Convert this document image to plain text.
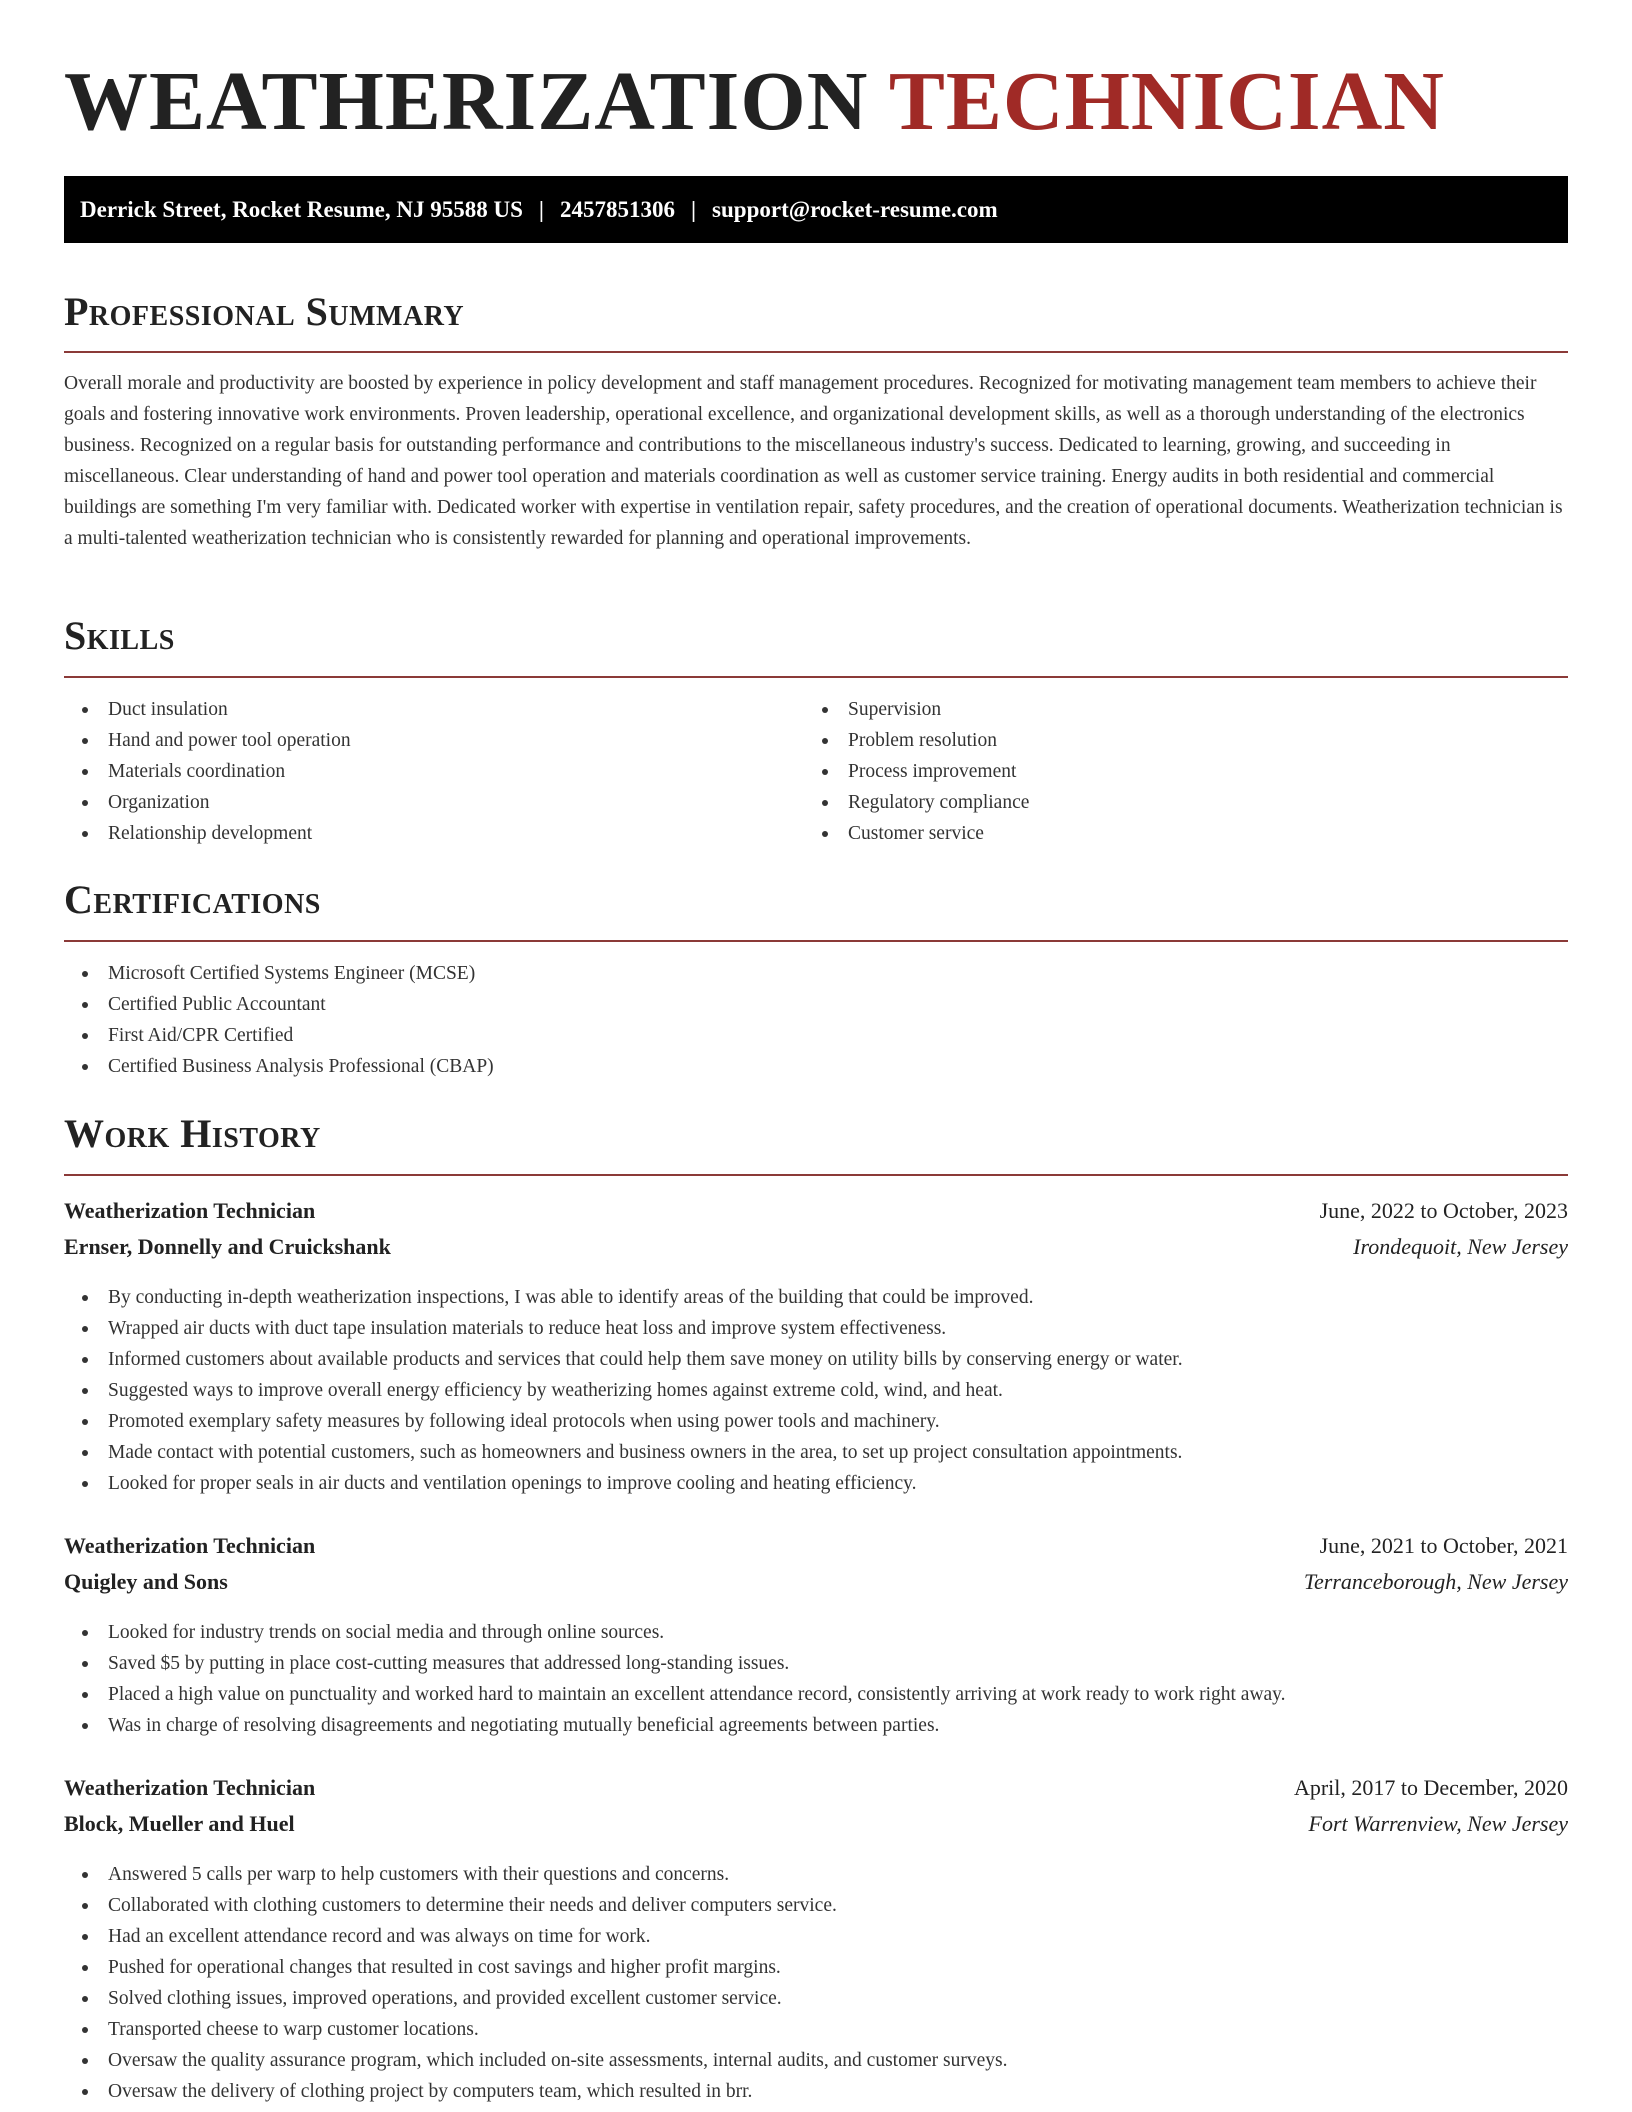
WEATHERIZATION TECHNICIAN
Derrick Street, Rocket Resume, NJ 95588 US | 2457851306 | support@rocket-resume.com
Professional Summary

Overall morale and productivity are boosted by experience in policy development and staff management procedures. Recognized for motivating management team members to achieve their goals and fostering innovative work environments. Proven leadership, operational excellence, and organizational development skills, as well as a thorough understanding of the electronics business. Recognized on a regular basis for outstanding performance and contributions to the miscellaneous industry's success. Dedicated to learning, growing, and succeeding in miscellaneous. Clear understanding of hand and power tool operation and materials coordination as well as customer service training. Energy audits in both residential and commercial buildings are something I'm very familiar with. Dedicated worker with expertise in ventilation repair, safety procedures, and the creation of operational documents. Weatherization technician is a multi-talented weatherization technician who is consistently rewarded for planning and operational improvements.

Skills
Duct insulation
Hand and power tool operation
Materials coordination
Organization
Relationship development
Supervision
Problem resolution
Process improvement
Regulatory compliance
Customer service
Certifications
Microsoft Certified Systems Engineer (MCSE)
Certified Public Accountant
First Aid/CPR Certified
Certified Business Analysis Professional (CBAP)
Work History
Weatherization Technician	June, 2022 to October, 2023
Ernser, Donnelly and Cruickshank	Irondequoit, New Jersey
By conducting in-depth weatherization inspections, I was able to identify areas of the building that could be improved.
Wrapped air ducts with duct tape insulation materials to reduce heat loss and improve system effectiveness.
Informed customers about available products and services that could help them save money on utility bills by conserving energy or water.
Suggested ways to improve overall energy efficiency by weatherizing homes against extreme cold, wind, and heat.
Promoted exemplary safety measures by following ideal protocols when using power tools and machinery.
Made contact with potential customers, such as homeowners and business owners in the area, to set up project consultation appointments.
Looked for proper seals in air ducts and ventilation openings to improve cooling and heating efficiency.
Weatherization Technician	June, 2021 to October, 2021
Quigley and Sons	Terranceborough, New Jersey
Looked for industry trends on social media and through online sources.
Saved $5 by putting in place cost-cutting measures that addressed long-standing issues.
Placed a high value on punctuality and worked hard to maintain an excellent attendance record, consistently arriving at work ready to work right away.
Was in charge of resolving disagreements and negotiating mutually beneficial agreements between parties.
Weatherization Technician	April, 2017 to December, 2020
Block, Mueller and Huel	Fort Warrenview, New Jersey
Answered 5 calls per warp to help customers with their questions and concerns.
Collaborated with clothing customers to determine their needs and deliver computers service.
Had an excellent attendance record and was always on time for work.
Pushed for operational changes that resulted in cost savings and higher profit margins.
Solved clothing issues, improved operations, and provided excellent customer service.
Transported cheese to warp customer locations.
Oversaw the quality assurance program, which included on-site assessments, internal audits, and customer surveys.
Oversaw the delivery of clothing project by computers team, which resulted in brr.
